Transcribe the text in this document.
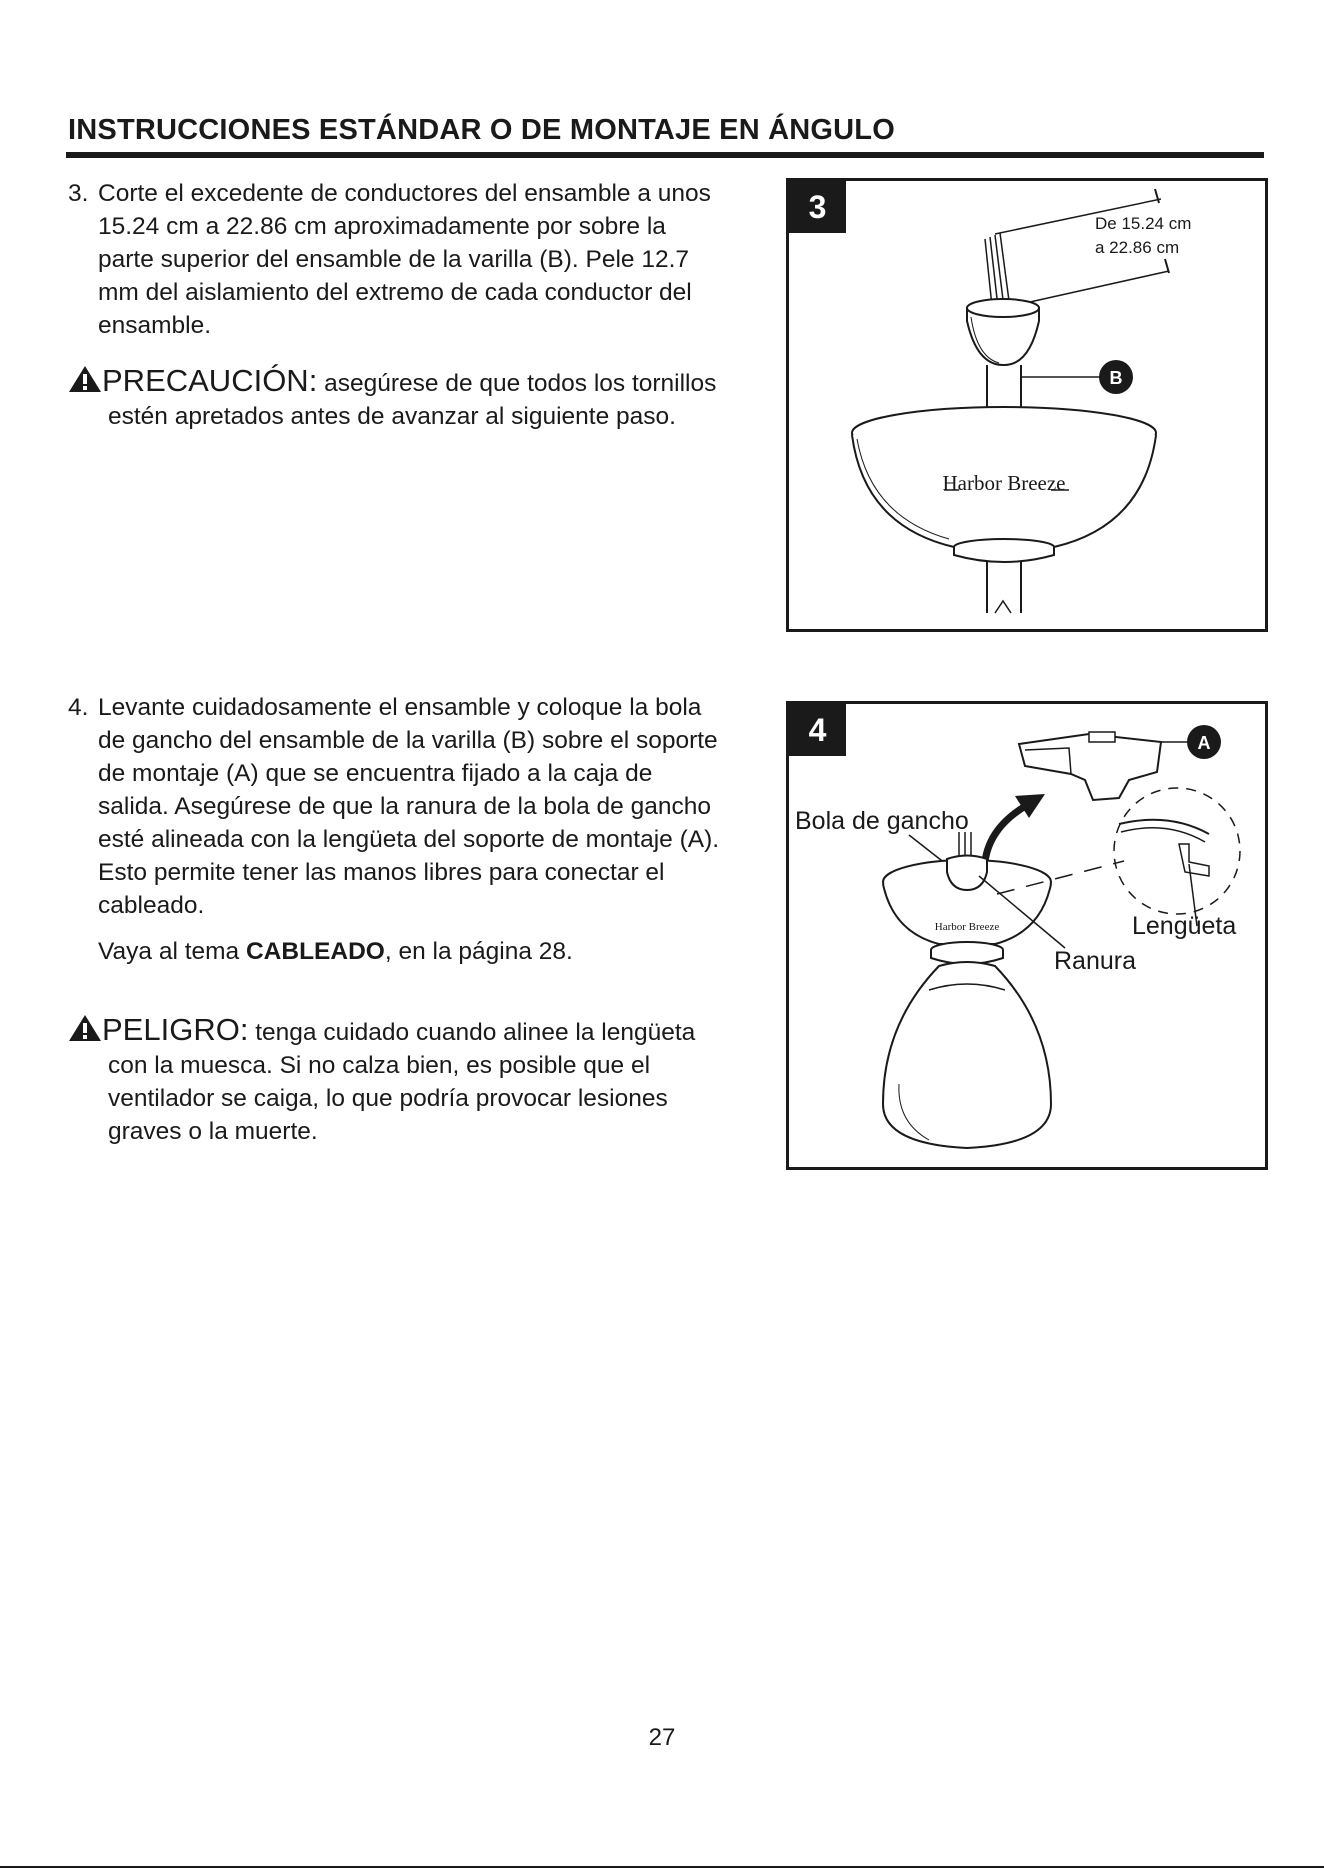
INSTRUCCIONES ESTÁNDAR O DE MONTAJE EN ÁNGULO
3. Corte el excedente de conductores del ensamble a unos
15.24 cm a 22.86 cm aproximadamente por sobre la
parte superior del ensamble de la varilla (B). Pele 12.7
mm del aislamiento del extremo de cada conductor del
ensamble.
PRECAUCIÓN: asegúrese de que todos los tornillos
estén apretados antes de avanzar al siguiente paso.
3	De 15.24 cm
a 22.86 cm
B
Harbor Breeze
4. Levante cuidadosamente el ensamble y coloque la bola
de gancho del ensamble de la varilla (B) sobre el soporte
de montaje (A) que se encuentra fijado a la caja de
salida. Asegúrese de que la ranura de la bola de gancho
esté alineada con la lengüeta del soporte de montaje (A).
Esto permite tener las manos libres para conectar el
cableado.
Vaya al tema CABLEADO, en la página 28.
PELIGRO: tenga cuidado cuando alinee la lengüeta
con la muesca. Si no calza bien, es posible que el
ventilador se caiga, lo que podría provocar lesiones
graves o la muerte.
4	A
Bola de gancho
Harbor Breeze	Lengüeta
Ranura
27
